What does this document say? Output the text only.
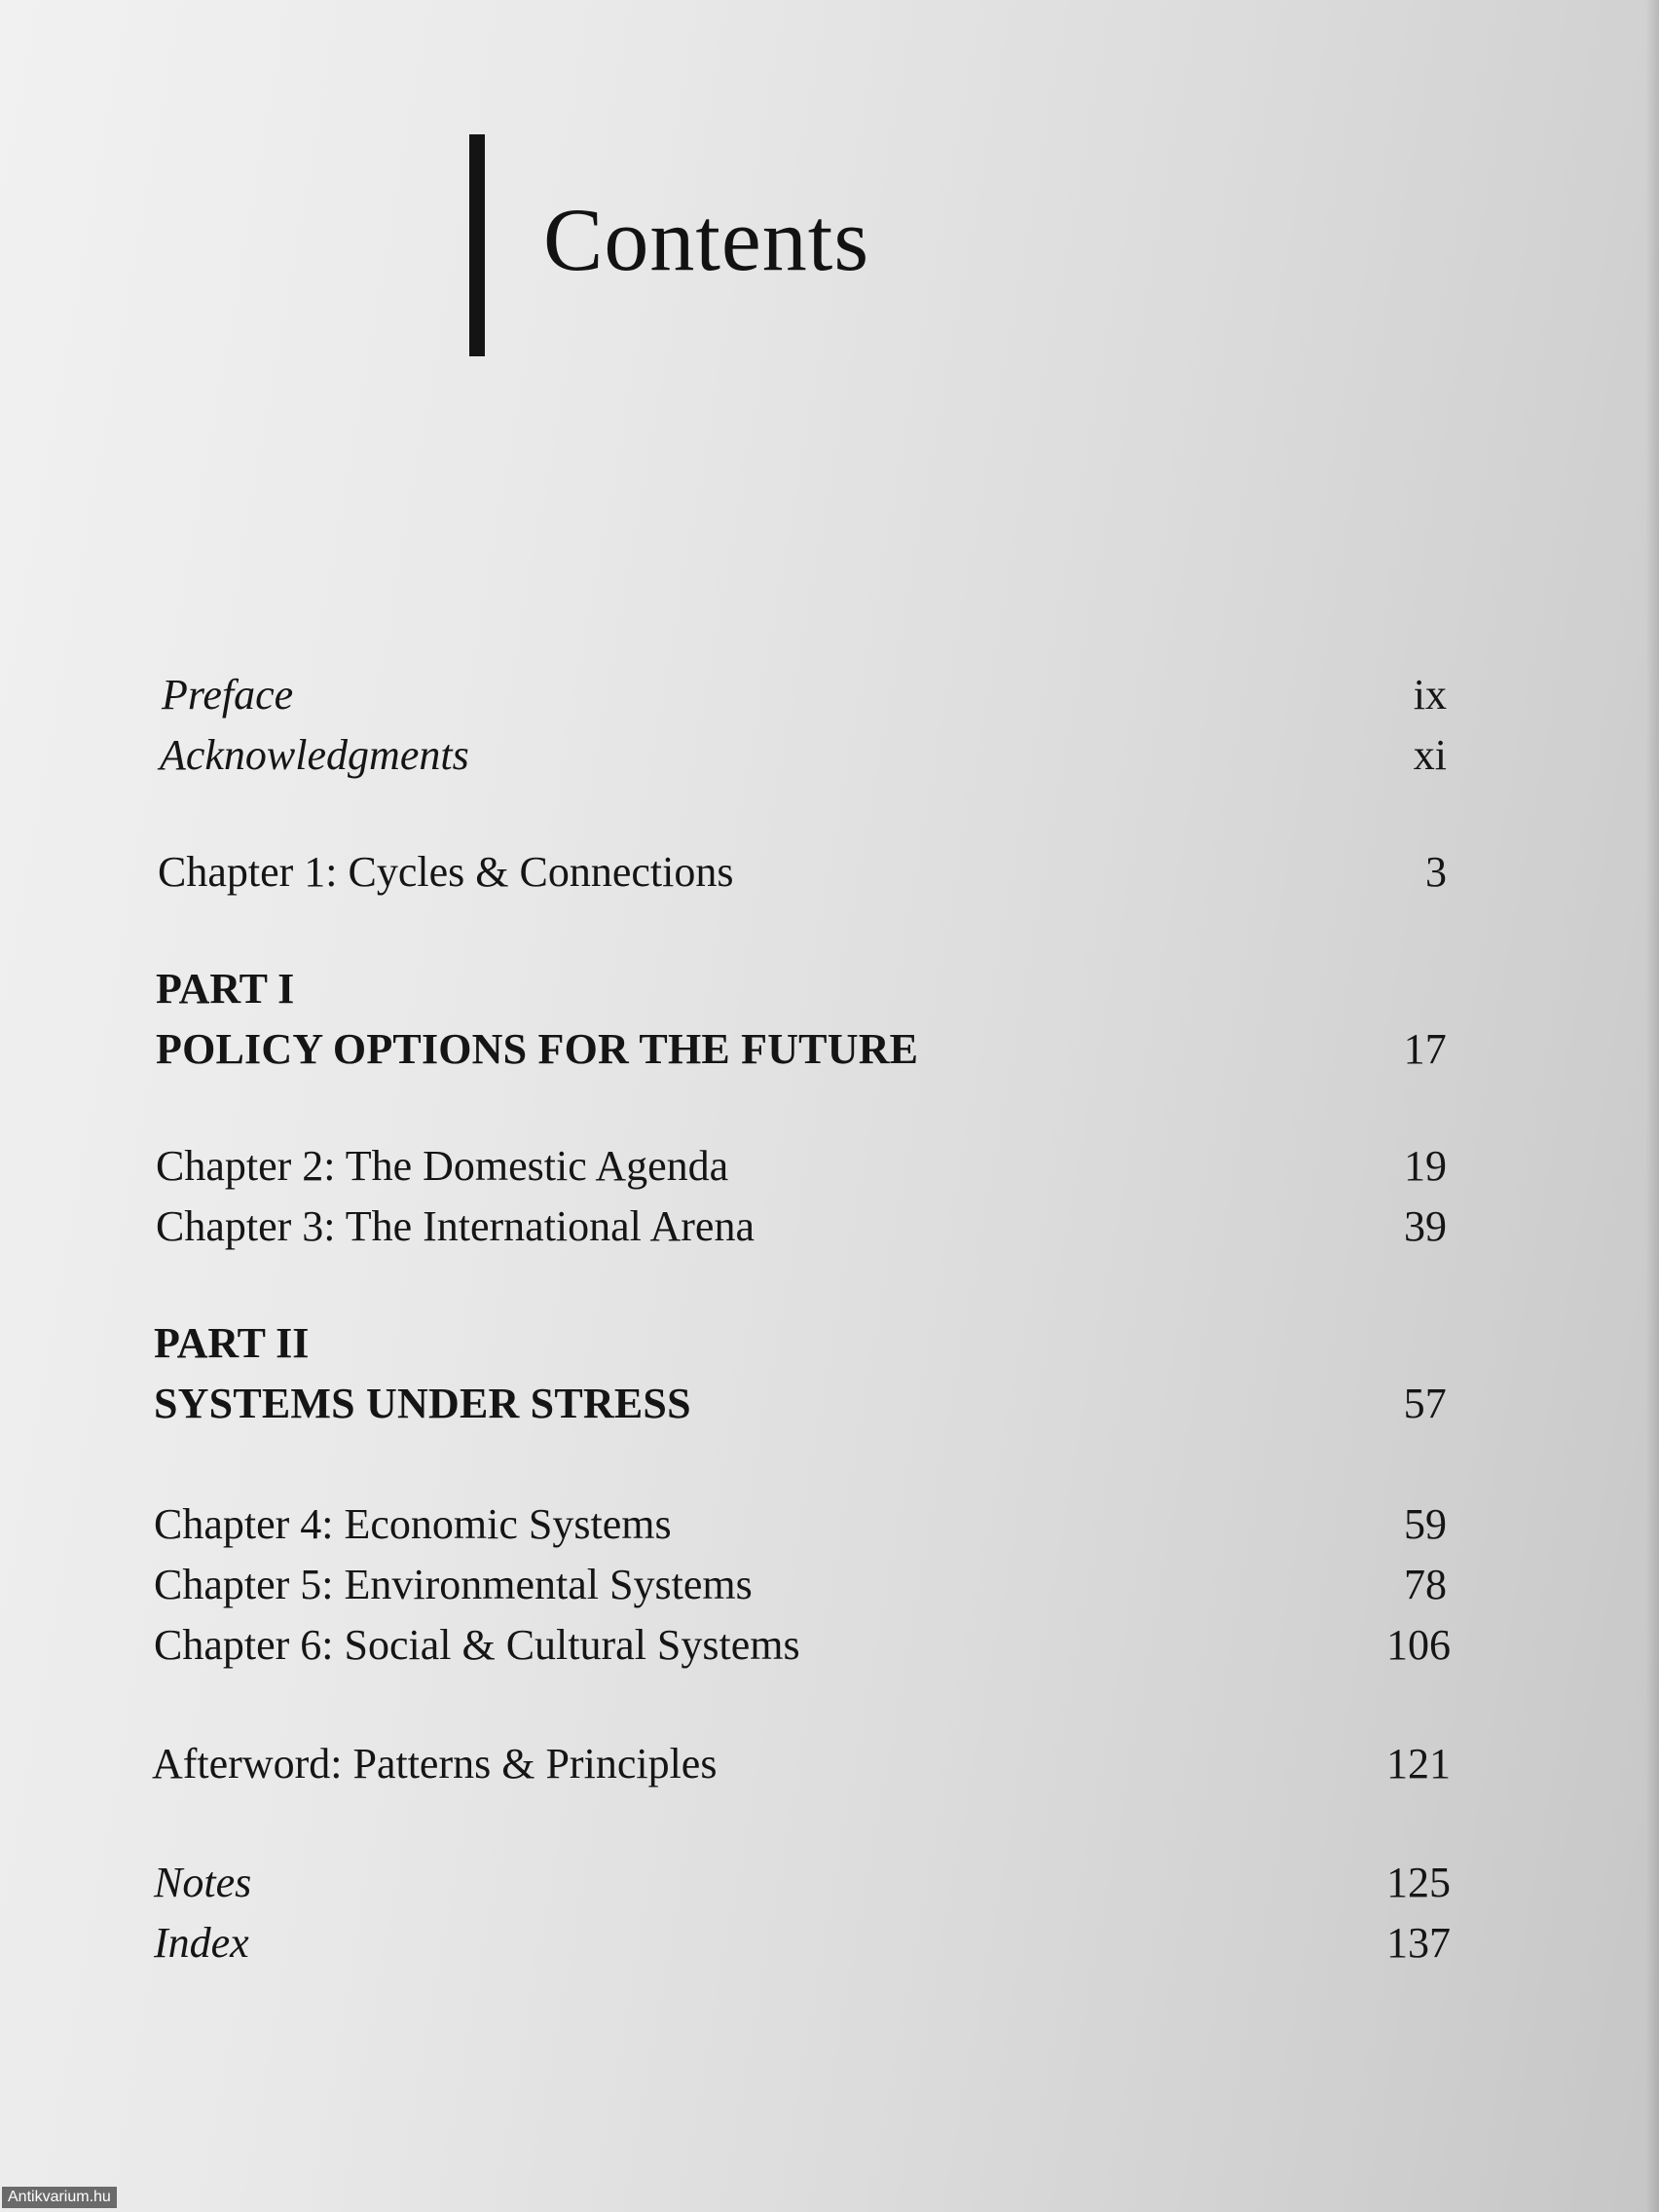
Contents
Preface	ix
Acknowledgments	xi
Chapter 1: Cycles & Connections	3
PART I
POLICY OPTIONS FOR THE FUTURE	17
Chapter 2: The Domestic Agenda	19
Chapter 3: The International Arena	39
PART II
SYSTEMS UNDER STRESS	57
Chapter 4: Economic Systems	59
Chapter 5: Environmental Systems	78
Chapter 6: Social & Cultural Systems	106
Afterword: Patterns & Principles	121
Notes	125
Index	137
Antikvarium.hu
